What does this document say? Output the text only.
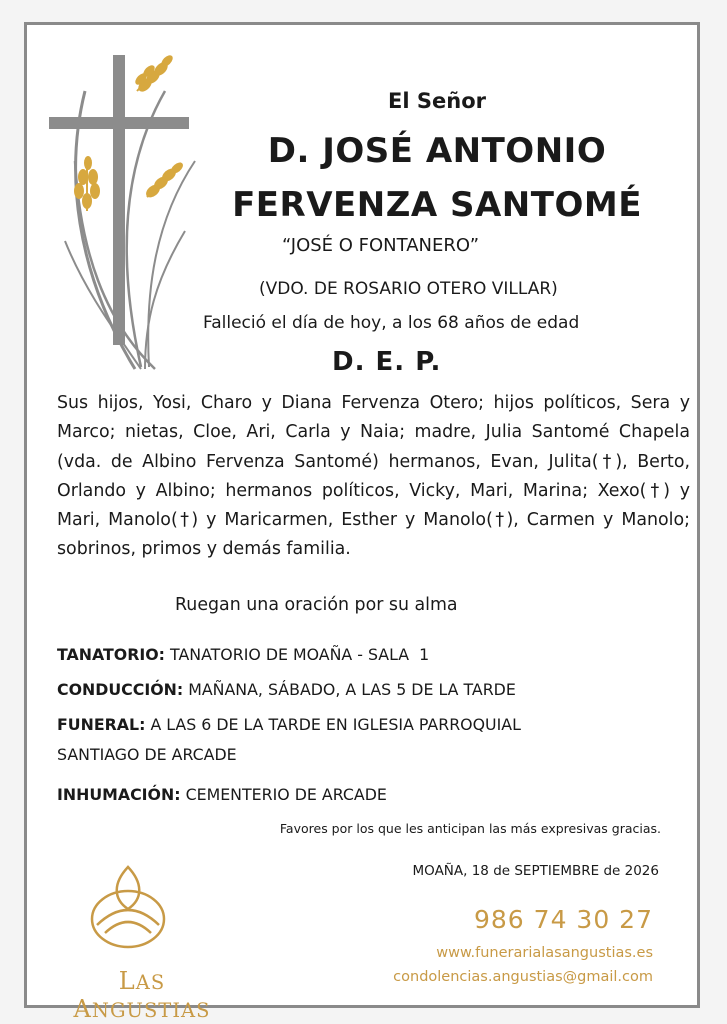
El Señor
D. JOSÉ ANTONIO
FERVENZA SANTOMÉ
“JOSÉ O FONTANERO”
(VDO. DE ROSARIO OTERO VILLAR)
Falleció el día de hoy, a los 68 años de edad
D. E. P.
Sus hijos, Yosi, Charo y Diana Fervenza Otero; hijos políticos, Sera y Marco; nietas, Cloe, Ari, Carla y Naia; madre, Julia Santomé Chapela (vda. de Albino Fervenza Santomé) hermanos, Evan, Julita(†), Berto, Orlando y Albino; hermanos políticos, Vicky, Mari, Marina; Xexo(†) y Mari, Manolo(†) y Maricarmen, Esther y Manolo(†), Carmen y Manolo; sobrinos, primos y demás familia.
Ruegan una oración por su alma
TANATORIO: TANATORIO DE MOAÑA - SALA  1
CONDUCCIÓN: MAÑANA, SÁBADO, A LAS 5 DE LA TARDE
FUNERAL: A LAS 6 DE LA TARDE EN IGLESIA PARROQUIAL
SANTIAGO DE ARCADE
INHUMACIÓN: CEMENTERIO DE ARCADE
Favores por los que les anticipan las más expresivas gracias.
MOAÑA, 18 de SEPTIEMBRE de 2026
LAS ANGUSTIAS
986 74 30 27
www.funerarialasangustias.es
condolencias.angustias@gmail.com
